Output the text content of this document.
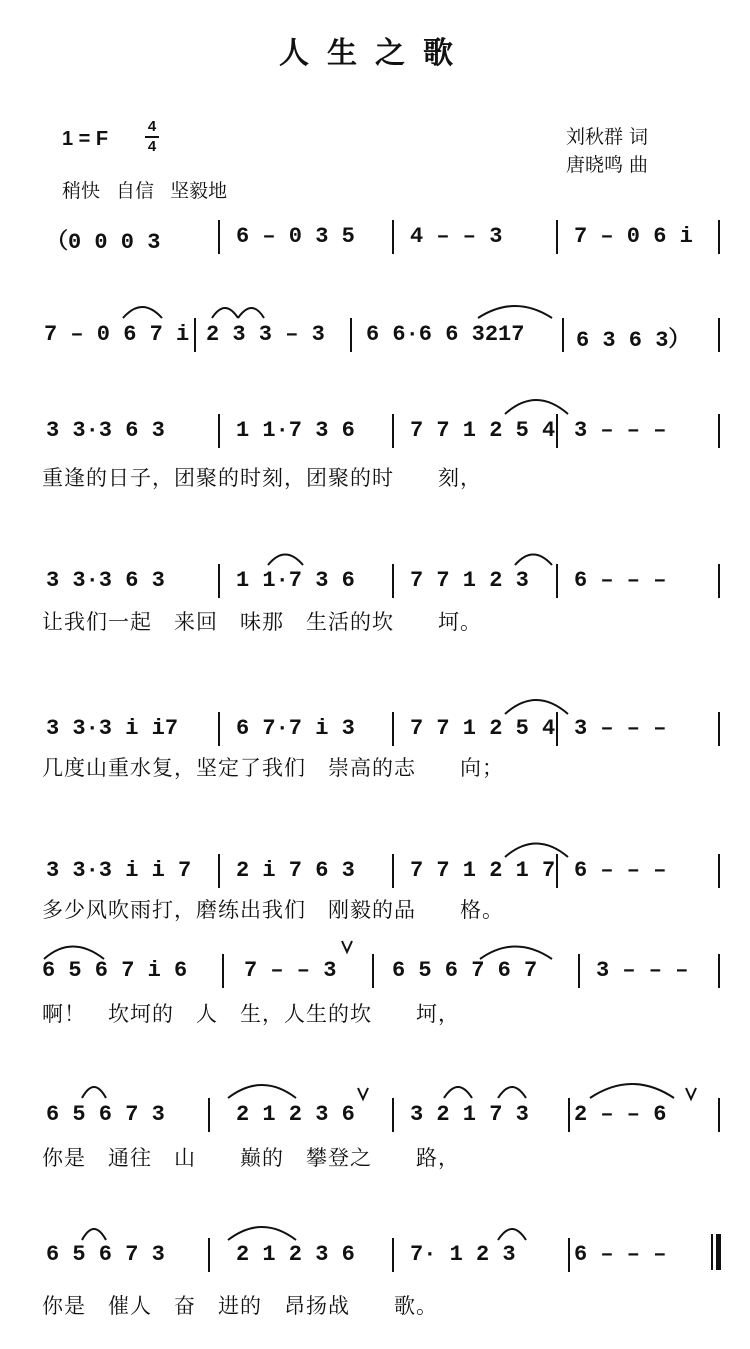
人生之歌
1 = F
4
4
稍快 自信 坚毅地
刘秋群 词
唐晓鸣 曲
（0 0 0 3	6 – 0 3 5	4 – – 3	7 – 0 6 i
7 – 0 6 7 i 2 3 3 – 3 6 6·6 6 3217 6 3 6 3）
3 3·3 6 3	1 1·7 3 6	7 7 1 2 5 4 3 – – –
重逢的日子，团聚的时刻，团聚的时　　刻，
3 3·3 6 3	1 1·7 3 6	7 7 1 2 3 6 – – –
让我们一起　来回　味那　生活的坎　　坷。
3 3·3 i i7	6 7·7 i 3	7 7 1 2 5 4 3 – – –
几度山重水复，坚定了我们　崇高的志　　向；
3 3·3 i i 7 2 i 7 6 3	7 7 1 2 1 7 6 – – –
多少风吹雨打，磨练出我们　刚毅的品　　格。
6 5 6 7 i 6	7 – – 3	6 5 6 7 6 7	3 – – –
啊！　坎坷的　人　生，人生的坎　　坷，
6 5 6 7 3	2 1 2 3 6	3 2 1 7 3 2 – – 6
你是　通往　山　　巅的　攀登之　　路，
6 5 6 7 3	2 1 2 3 6	7· 1 2 3	6 – – –
你是　催人　奋　进的　昂扬战　　歌。
